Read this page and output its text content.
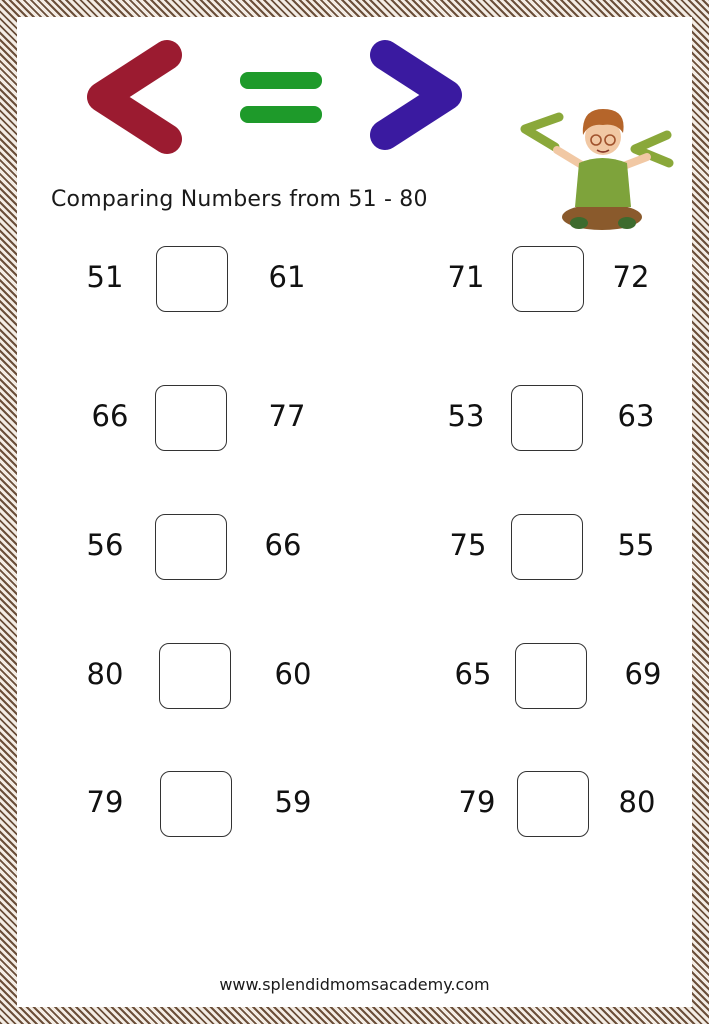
Comparing Numbers from 51 - 80
51	61	71	72
66	77	53	63
56	66	75	55
80	60	65	69
79	59	79	80
www.splendidmomsacademy.com
